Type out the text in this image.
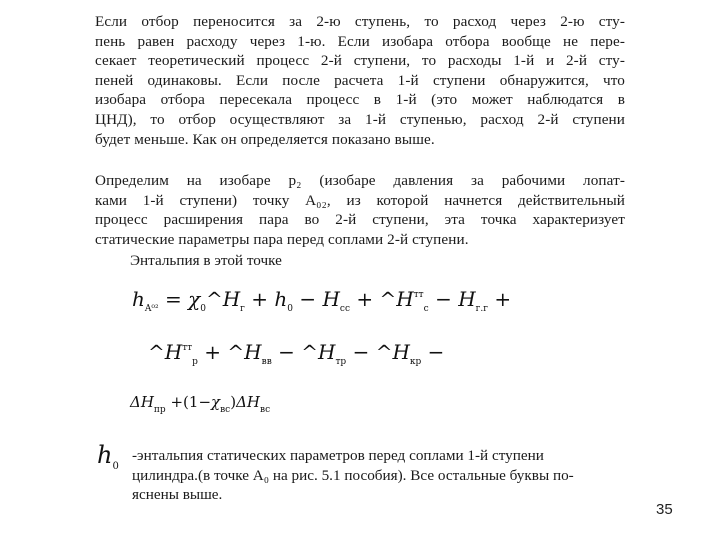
Если отбор переносится за 2-ю ступень, то расход через 2-ю сту-
пень равен расходу через 1-ю. Если изобара отбора вообще не пере-
секает теоретический процесс 2-й ступени, то расходы 1-й и 2-й сту-
пеней одинаковы. Если после расчета 1-й ступени обнаружится, что
изобара отбора пересекала процесс в 1-й (это может наблюдатся в
ЦНД), то отбор осуществляют за 1-й ступенью, расход 2-й ступени
будет меньше. Как он определяется показано выше.
Определим на изобаре p₂ (изобаре давления за рабочими лопат-
ками 1-й ступени) точку A₀₂, из которой начнется действительный
процесс расширения пара во 2-й ступени, эта точка характеризует
статические параметры пара перед соплами 2-й ступени.
Энтальпия в этой точке
$h_{A^{02}}$ = $\chi_0\^{}H_г + h_0 - H_{сс}$ + $\^{}H^{тт}_с - H_{г.г}$ +
$\^{}H^{тт}_р$ + $\^{}H_{вв}$ − $\^{}H_{тр}$ − $\^{}H_{кр}$ −
$\Delta H_{пр} +(1-\chi_{вс})\Delta H_{вс}$
$h_0$
-энтальпия статических параметров перед соплами 1-й ступени
цилиндра.(в точке A₀ на рис. 5.1 пособия). Все остальные буквы по-
яснены выше.
35
